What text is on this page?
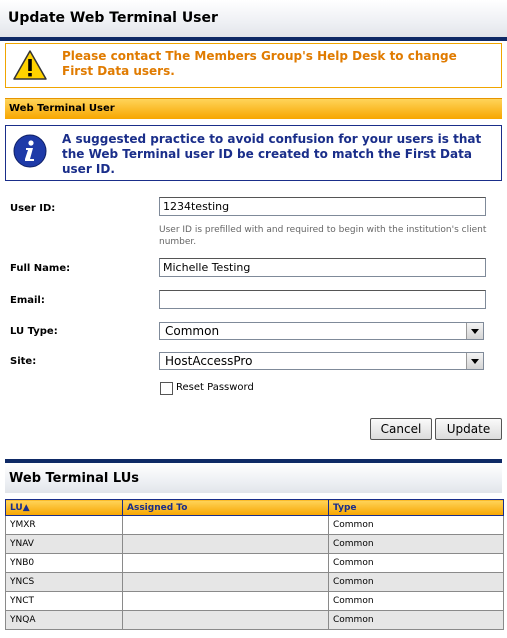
Update Web Terminal User
Please contact The Members Group's Help Desk to change First Data users.
Web Terminal User
A suggested practice to avoid confusion for your users is that the Web Terminal user ID be created to match the First Data user ID.
User ID:	1234testing
User ID is prefilled with and required to begin with the institution's client number.
Full Name:	Michelle Testing
Email:
LU Type:	Common
Site:	HostAccessPro
Reset Password
Cancel	Update
Web Terminal LUs
LU▲	Assigned To	Type
YMXR		Common
YNAV		Common
YNB0		Common
YNCS		Common
YNCT		Common
YNQA		Common
